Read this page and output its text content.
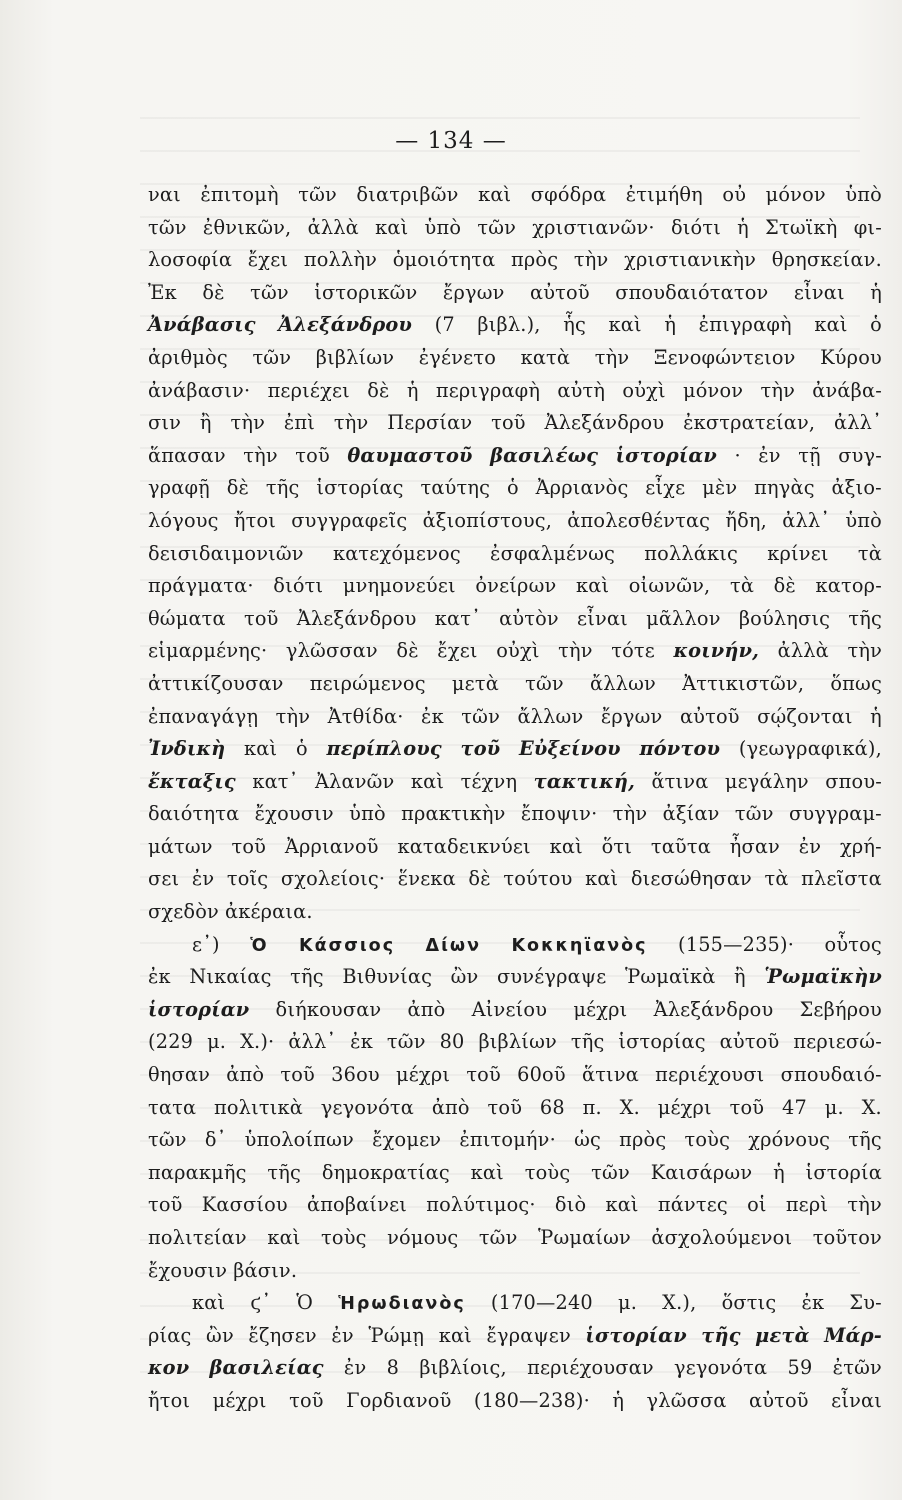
— 134 —
ναι ἐπιτομὴ τῶν διατριβῶν καὶ σφόδρα ἐτιμήθη οὐ μόνον ὑπὸ
τῶν ἐθνικῶν, ἀλλὰ καὶ ὑπὸ τῶν χριστιανῶν· διότι ἡ Στωϊκὴ φι-
λοσοφία ἔχει πολλὴν ὁμοιότητα πρὸς τὴν χριστιανικὴν θρησκείαν.
Ἐκ δὲ τῶν ἱστορικῶν ἔργων αὐτοῦ σπουδαιότατον εἶναι ἡ
Ἀνάβασις Ἀλεξάνδρου (7 βιβλ.), ἧς καὶ ἡ ἐπιγραφὴ καὶ ὁ
ἀριθμὸς τῶν βιβλίων ἐγένετο κατὰ τὴν Ξενοφώντειον Κύρου
ἀνάβασιν· περιέχει δὲ ἡ περιγραφὴ αὐτὴ οὐχὶ μόνον τὴν ἀνάβα-
σιν ἢ τὴν ἐπὶ τὴν Περσίαν τοῦ Ἀλεξάνδρου ἐκστρατείαν, ἀλλ᾽
ἅπασαν τὴν τοῦ θαυμαστοῦ βασιλέως ἱστορίαν · ἐν τῇ συγ-
γραφῇ δὲ τῆς ἱστορίας ταύτης ὁ Ἀρριανὸς εἶχε μὲν πηγὰς ἀξιο-
λόγους ἤτοι συγγραφεῖς ἀξιοπίστους, ἀπολεσθέντας ἤδη, ἀλλ᾽ ὑπὸ
δεισιδαιμονιῶν κατεχόμενος ἐσφαλμένως πολλάκις κρίνει τὰ
πράγματα· διότι μνημονεύει ὀνείρων καὶ οἰωνῶν, τὰ δὲ κατορ-
θώματα τοῦ Ἀλεξάνδρου κατ᾽ αὐτὸν εἶναι μᾶλλον βούλησις τῆς
εἱμαρμένης· γλῶσσαν δὲ ἔχει οὐχὶ τὴν τότε κοινήν, ἀλλὰ τὴν
ἀττικίζουσαν πειρώμενος μετὰ τῶν ἄλλων Ἀττικιστῶν, ὅπως
ἐπαναγάγῃ τὴν Ἀτθίδα· ἐκ τῶν ἄλλων ἔργων αὐτοῦ σῴζονται ἡ
Ἰνδικὴ καὶ ὁ περίπλους τοῦ Εὐξείνου πόντου (γεωγραφικά),
ἔκταξις κατ᾽ Ἀλανῶν καὶ τέχνη τακτική, ἅτινα μεγάλην σπου-
δαιότητα ἔχουσιν ὑπὸ πρακτικὴν ἔποψιν· τὴν ἀξίαν τῶν συγγραμ-
μάτων τοῦ Ἀρριανοῦ καταδεικνύει καὶ ὅτι ταῦτα ἦσαν ἐν χρή-
σει ἐν τοῖς σχολείοις· ἕνεκα δὲ τούτου καὶ διεσώθησαν τὰ πλεῖστα
σχεδὸν ἀκέραια.
ε᾽) Ὁ Κάσσιος Δίων Κοκκηϊανὸς (155—235)· οὗτος
ἐκ Νικαίας τῆς Βιθυνίας ὢν συνέγραψε Ῥωμαϊκὰ ἢ Ῥωμαϊκὴν
ἱστορίαν διήκουσαν ἀπὸ Αἰνείου μέχρι Ἀλεξάνδρου Σεβήρου
(229 μ. Χ.)· ἀλλ᾽ ἐκ τῶν 80 βιβλίων τῆς ἱστορίας αὐτοῦ περιεσώ-
θησαν ἀπὸ τοῦ 36ου μέχρι τοῦ 60οῦ ἅτινα περιέχουσι σπουδαιό-
τατα πολιτικὰ γεγονότα ἀπὸ τοῦ 68 π. Χ. μέχρι τοῦ 47 μ. Χ.
τῶν δ᾽ ὑπολοίπων ἔχομεν ἐπιτομήν· ὡς πρὸς τοὺς χρόνους τῆς
παρακμῆς τῆς δημοκρατίας καὶ τοὺς τῶν Καισάρων ἡ ἱστορία
τοῦ Κασσίου ἀποβαίνει πολύτιμος· διὸ καὶ πάντες οἱ περὶ τὴν
πολιτείαν καὶ τοὺς νόμους τῶν Ῥωμαίων ἀσχολούμενοι τοῦτον
ἔχουσιν βάσιν.
καὶ ϛ᾽ Ὁ Ἡρωδιανὸς (170—240 μ. Χ.), ὅστις ἐκ Συ-
ρίας ὢν ἔζησεν ἐν Ῥώμῃ καὶ ἔγραψεν ἱστορίαν τῆς μετὰ Μάρ-
κον βασιλείας ἐν 8 βιβλίοις, περιέχουσαν γεγονότα 59 ἐτῶν
ἤτοι μέχρι τοῦ Γορδιανοῦ (180—238)· ἡ γλῶσσα αὐτοῦ εἶναι
